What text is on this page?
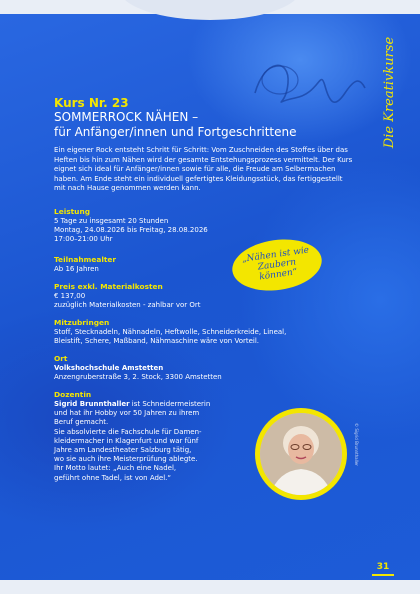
Die Kreativkurse
Kurs Nr. 23
SOMMERROCK NÄHEN –
für Anfänger/innen und Fortgeschrittene
Ein eigener Rock entsteht Schritt für Schritt: Vom Zuschneiden des Stoffes über das Heften bis hin zum Nähen wird der gesamte Entstehungsprozess vermittelt. Der Kurs eignet sich ideal für Anfänger/innen sowie für alle, die Freude am Selbermachen haben. Am Ende steht ein individuell gefertigtes Kleidungsstück, das fertiggestellt mit nach Hause genommen werden kann.
Leistung
5 Tage zu insgesamt 20 Stunden
Montag, 24.08.2026 bis Freitag, 28.08.2026
17:00–21:00 Uhr
Teilnahmealter
Ab 16 Jahren
Preis exkl. Materialkosten
€ 137,00
zuzüglich Materialkosten - zahlbar vor Ort
Mitzubringen
Stoff, Stecknadeln, Nähnadeln, Heftwolle, Schneiderkreide, Lineal,
Bleistift, Schere, Maßband, Nähmaschine wäre von Vorteil.
Ort
Volkshochschule Amstetten
Anzengruberstraße 3, 2. Stock, 3300 Amstetten
Dozentin
Sigrid Brunnthaller ist Schneidermeisterin
und hat ihr Hobby vor 50 Jahren zu ihrem
Beruf gemacht.
Sie absolvierte die Fachschule für Damen-
kleidermacher in Klagenfurt und war fünf
Jahre am Landestheater Salzburg tätig,
wo sie auch ihre Meisterprüfung ablegte.
Ihr Motto lautet: „Auch eine Nadel,
geführt ohne Tadel, ist von Adel.“
„Nähen ist wie Zaubern können“
© Sigrid Brunnthaller
31
